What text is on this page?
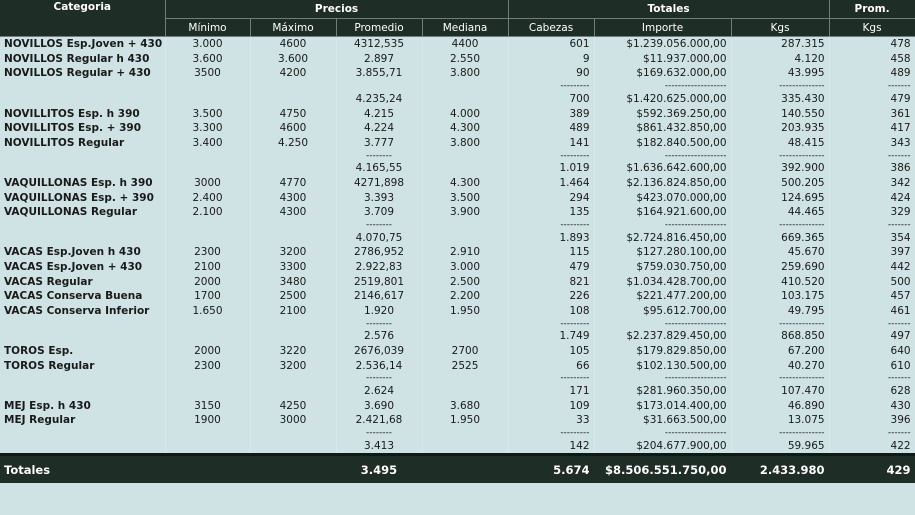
Categoria	Precios				Totales			Prom.
	Mínimo	Máximo	Promedio	Mediana	Cabezas	Importe	Kgs	Kgs
NOVILLOS Esp.Joven + 430	3.000	4600	4312,535	4400	601	$1.239.056.000,00	287.315	478
NOVILLOS Regular h 430	3.600	3.600	2.897	2.550	9	$11.937.000,00	4.120	458
NOVILLOS Regular + 430	3500	4200	3.855,71	3.800	90	$169.632.000,00	43.995	489
					---------	-------------------	--------------	-------
			4.235,24		700	$1.420.625.000,00	335.430	479
NOVILLITOS Esp. h 390	3.500	4750	4.215	4.000	389	$592.369.250,00	140.550	361
NOVILLITOS Esp. + 390	3.300	4600	4.224	4.300	489	$861.432.850,00	203.935	417
NOVILLITOS Regular	3.400	4.250	3.777	3.800	141	$182.840.500,00	48.415	343
			--------		---------	-------------------	--------------	-------
			4.165,55		1.019	$1.636.642.600,00	392.900	386
VAQUILLONAS Esp. h 390	3000	4770	4271,898	4.300	1.464	$2.136.824.850,00	500.205	342
VAQUILLONAS Esp. + 390	2.400	4300	3.393	3.500	294	$423.070.000,00	124.695	424
VAQUILLONAS Regular	2.100	4300	3.709	3.900	135	$164.921.600,00	44.465	329
			--------		---------	-------------------	--------------	-------
			4.070,75		1.893	$2.724.816.450,00	669.365	354
VACAS Esp.Joven h 430	2300	3200	2786,952	2.910	115	$127.280.100,00	45.670	397
VACAS Esp.Joven + 430	2100	3300	2.922,83	3.000	479	$759.030.750,00	259.690	442
VACAS Regular	2000	3480	2519,801	2.500	821	$1.034.428.700,00	410.520	500
VACAS Conserva Buena	1700	2500	2146,617	2.200	226	$221.477.200,00	103.175	457
VACAS Conserva Inferior	1.650	2100	1.920	1.950	108	$95.612.700,00	49.795	461
			--------		---------	-------------------	--------------	-------
			2.576		1.749	$2.237.829.450,00	868.850	497
TOROS Esp.	2000	3220	2676,039	2700	105	$179.829.850,00	67.200	640
TOROS Regular	2300	3200	2.536,14	2525	66	$102.130.500,00	40.270	610
			--------		---------	-------------------	--------------	-------
			2.624		171	$281.960.350,00	107.470	628
MEJ Esp. h 430	3150	4250	3.690	3.680	109	$173.014.400,00	46.890	430
MEJ Regular	1900	3000	2.421,68	1.950	33	$31.663.500,00	13.075	396
			--------		---------	-------------------	--------------	-------
			3.413		142	$204.677.900,00	59.965	422
Totales			3.495		5.674	$8.506.551.750,00	2.433.980	429
